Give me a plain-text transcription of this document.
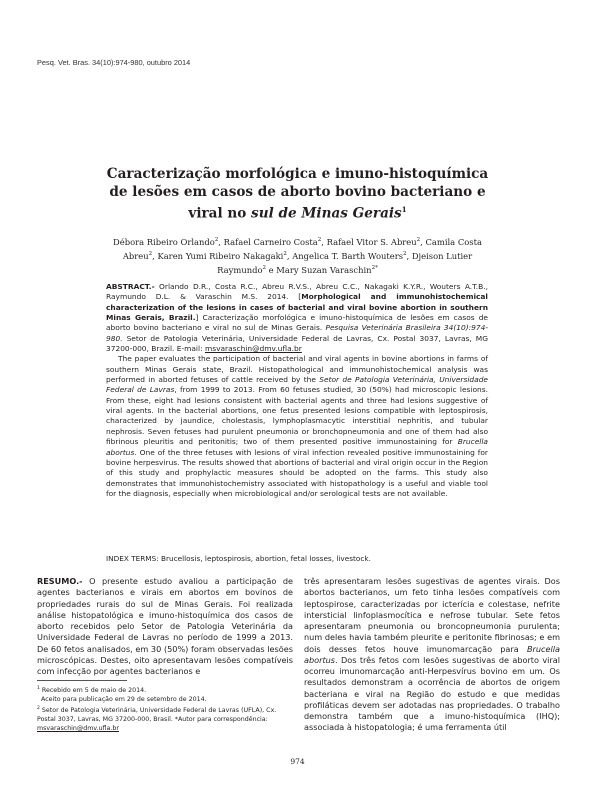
Pesq. Vet. Bras. 34(10):974-980, outubro 2014
Caracterização morfológica e imuno-histoquímica de lesões em casos de aborto bovino bacteriano e viral no sul de Minas Gerais$^1$
Débora Ribeiro Orlando$^2$, Rafael Carneiro Costa$^2$, Rafael Vitor S. Abreu$^2$, Camila Costa Abreu$^2$, Karen Yumi Ribeiro Nakagaki$^2$, Angelica T. Barth Wouters$^2$, Djeison Lutier Raymundo$^2$ e Mary Suzan Varaschin$^{2*}$

ABSTRACT.- Orlando D.R., Costa R.C., Abreu R.V.S., Abreu C.C., Nakagaki K.Y.R., Wouters A.T.B., Raymundo D.L. & Varaschin M.S. 2014. [Morphological and immunohistochemical characterization of the lesions in cases of bacterial and viral bovine abortion in southern Minas Gerais, Brazil.] Caracterização morfológica e imuno-histoquímica de lesões em casos de aborto bovino bacteriano e viral no sul de Minas Gerais. Pesquisa Veterinária Brasileira 34(10):974-980. Setor de Patologia Veterinária, Universidade Federal de Lavras, Cx. Postal 3037, Lavras, MG 37200-000, Brazil. E-mail: msvaraschin@dmv.ufla.br

The paper evaluates the participation of bacterial and viral agents in bovine abortions in farms of southern Minas Gerais state, Brazil. Histopathological and immunohistochemical analysis was performed in aborted fetuses of cattle received by the Setor de Patologia Veterinária, Universidade Federal de Lavras, from 1999 to 2013. From 60 fetuses studied, 30 (50%) had microscopic lesions. From these, eight had lesions consistent with bacterial agents and three had lesions suggestive of viral agents. In the bacterial abortions, one fetus presented lesions compatible with leptospirosis, characterized by jaundice, cholestasis, lymphoplasmacytic interstitial nephritis, and tubular nephrosis. Seven fetuses had purulent pneumonia or bronchopneumonia and one of them had also fibrinous pleuritis and peritonitis; two of them presented positive immunostaining for Brucella abortus. One of the three fetuses with lesions of viral infection revealed positive immunostaining for bovine herpesvirus. The results showed that abortions of bacterial and viral origin occur in the Region of this study and prophylactic measures should be adopted on the farms. This study also demonstrates that immunohistochemistry associated with histopathology is a useful and viable tool for the diagnosis, especially when microbiological and/or serological tests are not available.

INDEX TERMS: Brucellosis, leptospirosis, abortion, fetal losses, livestock.

RESUMO.- O presente estudo avaliou a participação de agentes bacterianos e virais em abortos em bovinos de propriedades rurais do sul de Minas Gerais. Foi realizada análise histopatológica e imuno-histoquímica dos casos de aborto recebidos pelo Setor de Patologia Veterinária da Universidade Federal de Lavras no período de 1999 a 2013. De 60 fetos analisados, em 30 (50%) foram observadas lesões microscópicas. Destes, oito apresentavam lesões compatíveis com infecção por agentes bacterianos e

três apresentaram lesões sugestivas de agentes virais. Dos abortos bacterianos, um feto tinha lesões compatíveis com leptospirose, caracterizadas por icterícia e colestase, nefrite intersticial linfoplasmocítica e nefrose tubular. Sete fetos apresentaram pneumonia ou broncopneumonia purulenta; num deles havia também pleurite e peritonite fibrinosas; e em dois desses fetos houve imunomarcação para Brucella abortus. Dos três fetos com lesões sugestivas de aborto viral ocorreu imunomarcação anti-Herpesvírus bovino em um. Os resultados demonstram a ocorrência de abortos de origem bacteriana e viral na Região do estudo e que medidas profiláticas devem ser adotadas nas propriedades. O trabalho demonstra também que a imuno-histoquímica (IHQ); associada à histopatologia; é uma ferramenta útil

$^1$ Recebido em 5 de maio de 2014.

Aceito para publicação em 29 de setembro de 2014.

$^2$ Setor de Patologia Veterinária, Universidade Federal de Lavras (UFLA), Cx. Postal 3037, Lavras, MG 37200-000, Brasil. *Autor para correspondência: msvaraschin@dmv.ufla.br

974
